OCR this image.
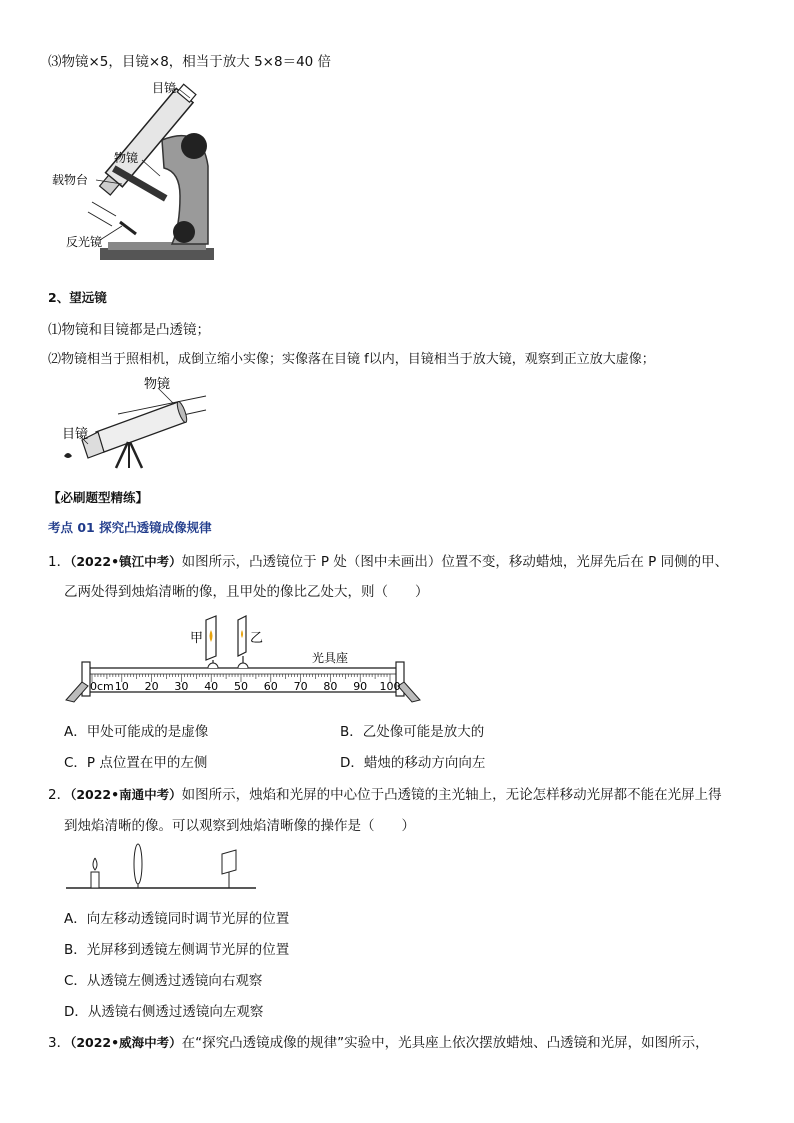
⑶物镜×5，目镜×8，相当于放大 5×8＝40 倍
目镜
物镜
载物台
反光镜
2、望远镜
⑴物镜和目镜都是凸透镜；
⑵物镜相当于照相机，成倒立缩小实像；实像落在目镜 f以内，目镜相当于放大镜，观察到正立放大虚像；
物镜
目镜
【必刷题型精练】
考点 01 探究凸透镜成像规律
1．（2022•镇江中考）如图所示，凸透镜位于 P 处（图中未画出）位置不变，移动蜡烛，光屏先后在 P 同侧的甲、
乙两处得到烛焰清晰的像，且甲处的像比乙处大，则（　　）
0cm 10 20 30 40 50 60 70 80 90 100
甲	乙
光具座
A．甲处可能成的是虚像	B．乙处像可能是放大的
C．P 点位置在甲的左侧	D．蜡烛的移动方向向左
2．（2022•南通中考）如图所示，烛焰和光屏的中心位于凸透镜的主光轴上，无论怎样移动光屏都不能在光屏上得
到烛焰清晰的像。可以观察到烛焰清晰像的操作是（　　）
A．向左移动透镜同时调节光屏的位置
B．光屏移到透镜左侧调节光屏的位置
C．从透镜左侧透过透镜向右观察
D．从透镜右侧透过透镜向左观察
3．（2022•威海中考）在“探究凸透镜成像的规律”实验中，光具座上依次摆放蜡烛、凸透镜和光屏，如图所示，
